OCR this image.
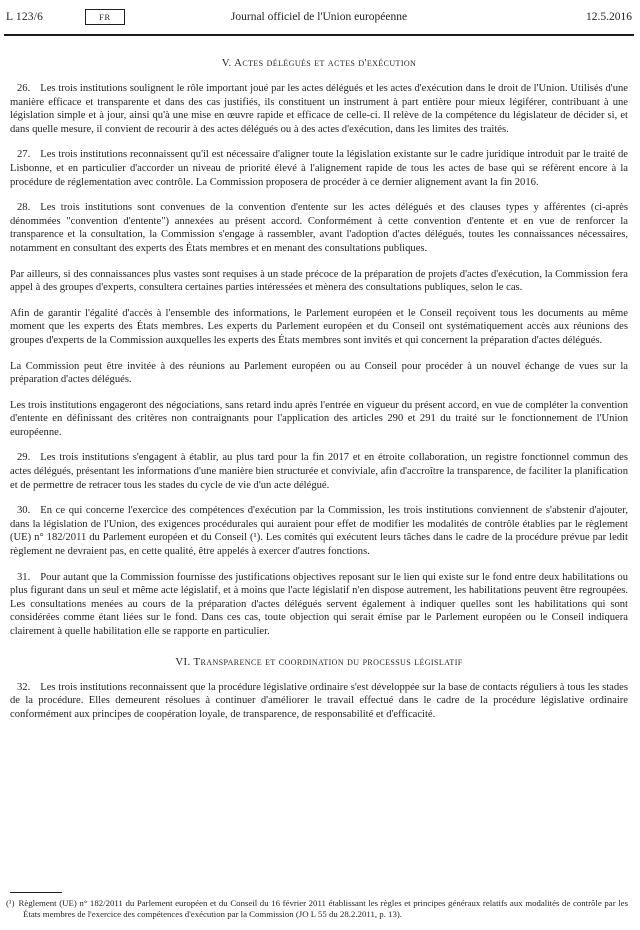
L 123/6	FR	Journal officiel de l'Union européenne	12.5.2016
V. Actes délégués et actes d'exécution

26. Les trois institutions soulignent le rôle important joué par les actes délégués et les actes d'exécution dans le droit de l'Union. Utilisés d'une manière efficace et transparente et dans des cas justifiés, ils constituent un instrument à part entière pour mieux légiférer, contribuant à une législation simple et à jour, ainsi qu'à une mise en œuvre rapide et efficace de celle-ci. Il relève de la compétence du législateur de décider si, et dans quelle mesure, il convient de recourir à des actes délégués ou à des actes d'exécution, dans les limites des traités.

27. Les trois institutions reconnaissent qu'il est nécessaire d'aligner toute la législation existante sur le cadre juridique introduit par le traité de Lisbonne, et en particulier d'accorder un niveau de priorité élevé à l'alignement rapide de tous les actes de base qui se réfèrent encore à la procédure de réglementation avec contrôle. La Commission proposera de procéder à ce dernier alignement avant la fin 2016.

28. Les trois institutions sont convenues de la convention d'entente sur les actes délégués et des clauses types y afférentes (ci-après dénommées "convention d'entente") annexées au présent accord. Conformément à cette convention d'entente et en vue de renforcer la transparence et la consultation, la Commission s'engage à rassembler, avant l'adoption d'actes délégués, toutes les connaissances nécessaires, notamment en consultant des experts des États membres et en menant des consultations publiques.

Par ailleurs, si des connaissances plus vastes sont requises à un stade précoce de la préparation de projets d'actes d'exécution, la Commission fera appel à des groupes d'experts, consultera certaines parties intéressées et mènera des consultations publiques, selon le cas.

Afin de garantir l'égalité d'accès à l'ensemble des informations, le Parlement européen et le Conseil reçoivent tous les documents au même moment que les experts des États membres. Les experts du Parlement européen et du Conseil ont systématiquement accès aux réunions des groupes d'experts de la Commission auxquelles les experts des États membres sont invités et qui concernent la préparation d'actes délégués.

La Commission peut être invitée à des réunions au Parlement européen ou au Conseil pour procéder à un nouvel échange de vues sur la préparation d'actes délégués.

Les trois institutions engageront des négociations, sans retard indu après l'entrée en vigueur du présent accord, en vue de compléter la convention d'entente en définissant des critères non contraignants pour l'application des articles 290 et 291 du traité sur le fonctionnement de l'Union européenne.

29. Les trois institutions s'engagent à établir, au plus tard pour la fin 2017 et en étroite collaboration, un registre fonctionnel commun des actes délégués, présentant les informations d'une manière bien structurée et conviviale, afin d'accroître la transparence, de faciliter la planification et de permettre de retracer tous les stades du cycle de vie d'un acte délégué.

30. En ce qui concerne l'exercice des compétences d'exécution par la Commission, les trois institutions conviennent de s'abstenir d'ajouter, dans la législation de l'Union, des exigences procédurales qui auraient pour effet de modifier les modalités de contrôle établies par le règlement (UE) n° 182/2011 du Parlement européen et du Conseil (¹). Les comités qui exécutent leurs tâches dans le cadre de la procédure prévue par ledit règlement ne devraient pas, en cette qualité, être appelés à exercer d'autres fonctions.

31. Pour autant que la Commission fournisse des justifications objectives reposant sur le lien qui existe sur le fond entre deux habilitations ou plus figurant dans un seul et même acte législatif, et à moins que l'acte législatif n'en dispose autrement, les habilitations peuvent être regroupées. Les consultations menées au cours de la préparation d'actes délégués servent également à indiquer quelles sont les habilitations qui sont considérées comme étant liées sur le fond. Dans ces cas, toute objection qui serait émise par le Parlement européen ou le Conseil indiquera clairement à quelle habilitation elle se rapporte en particulier.

VI. Transparence et coordination du processus législatif

32. Les trois institutions reconnaissent que la procédure législative ordinaire s'est développée sur la base de contacts réguliers à tous les stades de la procédure. Elles demeurent résolues à continuer d'améliorer le travail effectué dans le cadre de la procédure législative ordinaire conformément aux principes de coopération loyale, de transparence, de responsabilité et d'efficacité.

(¹) Règlement (UE) n° 182/2011 du Parlement européen et du Conseil du 16 février 2011 établissant les règles et principes généraux relatifs aux modalités de contrôle par les États membres de l'exercice des compétences d'exécution par la Commission (JO L 55 du 28.2.2011, p. 13).
